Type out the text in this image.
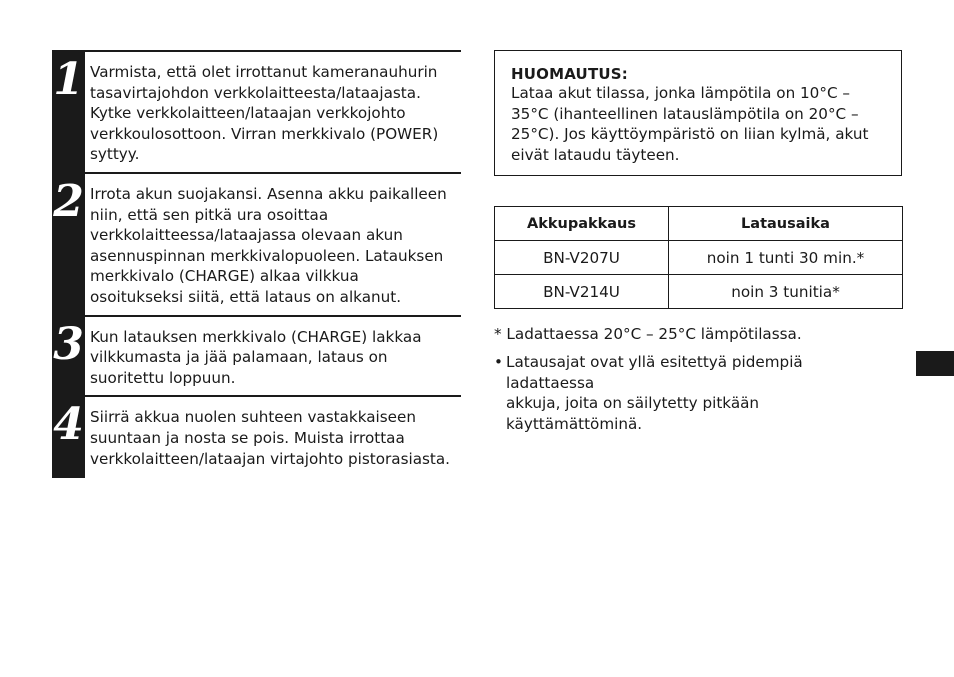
1 Varmista, että olet irrottanut kameranauhurin
tasavirtajohdon verkkolaitteesta/lataajasta.
Kytke verkkolaitteen/lataajan verkkojohto
verkkoulosottoon. Virran merkkivalo (POWER)
syttyy.
2 Irrota akun suojakansi. Asenna akku paikalleen
niin, että sen pitkä ura osoittaa
verkkolaitteessa/lataajassa olevaan akun
asennuspinnan merkkivalopuoleen. Latauksen
merkkivalo (CHARGE) alkaa vilkkua
osoitukseksi siitä, että lataus on alkanut.
3 Kun latauksen merkkivalo (CHARGE) lakkaa
vilkkumasta ja jää palamaan, lataus on
suoritettu loppuun.
4 Siirrä akkua nuolen suhteen vastakkaiseen
suuntaan ja nosta se pois. Muista irrottaa
verkkolaitteen/lataajan virtajohto pistorasiasta.
HUOMAUTUS:
Lataa akut tilassa, jonka lämpötila on 10°C –
35°C (ihanteellinen latauslämpötila on 20°C –
25°C). Jos käyttöympäristö on liian kylmä, akut
eivät lataudu täyteen.
Akkupakkaus	Latausaika
BN-V207U	noin 1 tunti 30 min.*
BN-V214U	noin 3 tunitia*
* Ladattaessa 20°C – 25°C lämpötilassa.
• Latausajat ovat yllä esitettyä pidempiä ladattaessa
akkuja, joita on säilytetty pitkään
käyttämättöminä.
